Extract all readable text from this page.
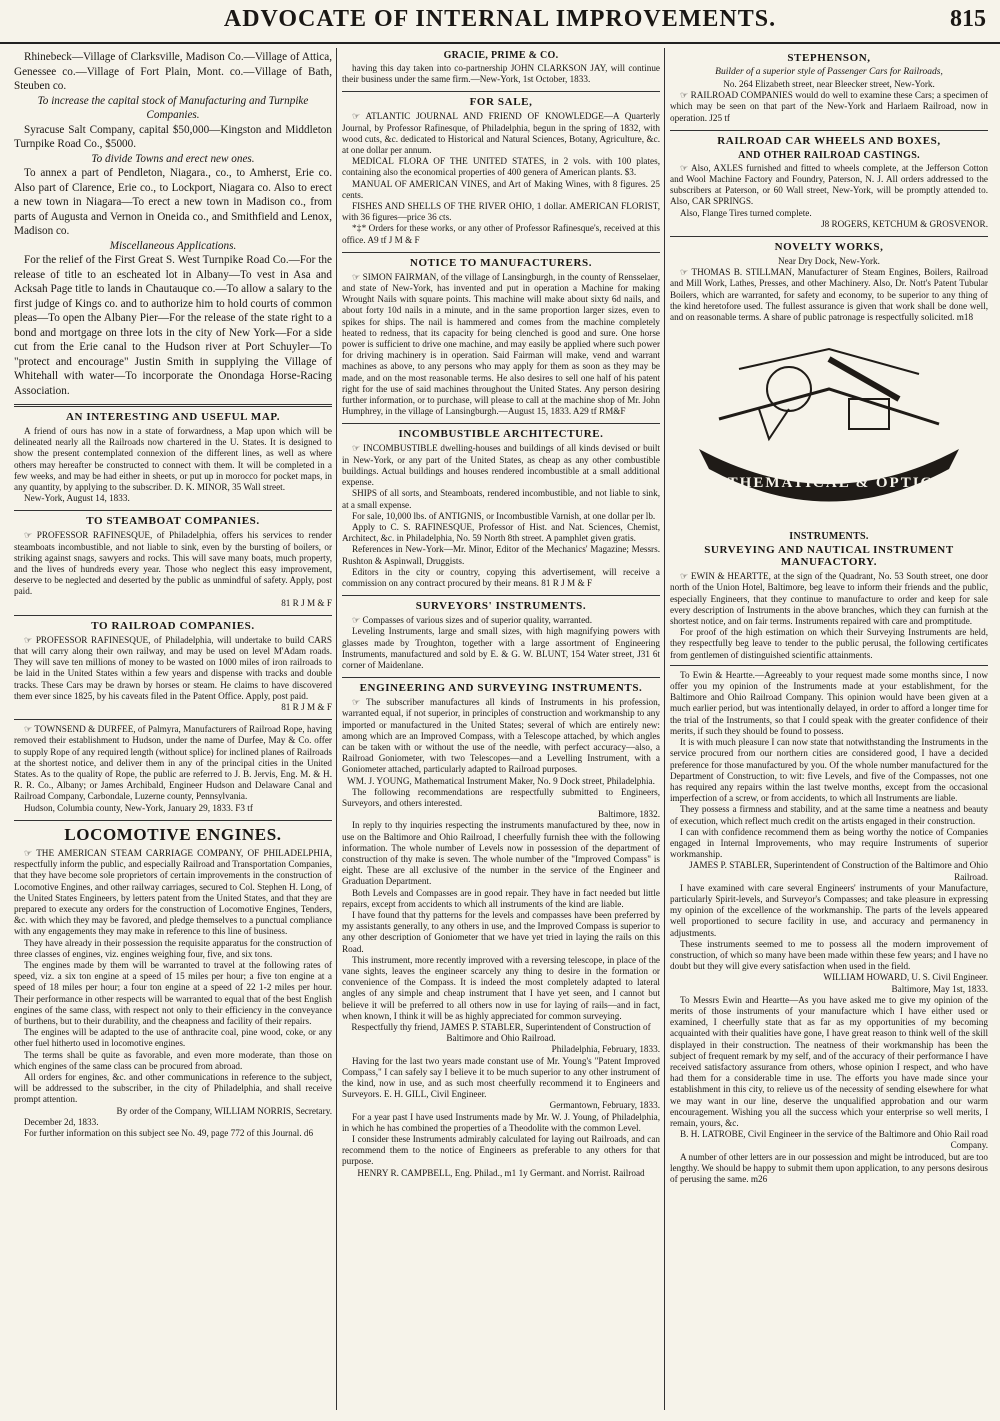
ADVOCATE OF INTERNAL IMPROVEMENTS.	815

Rhinebeck—Village of Clarksville, Madison Co.—Village of Attica, Genessee co.—Village of Fort Plain, Mont. co.—Village of Bath, Steuben co.

To increase the capital stock of Manufacturing and Turnpike Companies.

Syracuse Salt Company, capital $50,000—Kingston and Middleton Turnpike Road Co., $5000.

To divide Towns and erect new ones.

To annex a part of Pendleton, Niagara., co., to Amherst, Erie co. Also part of Clarence, Erie co., to Lockport, Niagara co. Also to erect a new town in Niagara—To erect a new town in Madison co., from parts of Augusta and Vernon in Oneida co., and Smithfield and Lenox, Madison co.

Miscellaneous Applications.

For the relief of the First Great S. West Turnpike Road Co.—For the release of title to an escheated lot in Albany—To vest in Asa and Acksah Page title to lands in Chautauque co.—To allow a salary to the first judge of Kings co. and to authorize him to hold courts of common pleas—To open the Albany Pier—For the release of the state right to a bond and mortgage on three lots in the city of New York—For a side cut from the Erie canal to the Hudson river at Port Schuyler—To "protect and encourage" Justin Smith in supplying the Village of Whitehall with water—To incorporate the Onondaga Horse-Racing Association.

AN INTERESTING AND USEFUL MAP.

A friend of ours has now in a state of forwardness, a Map upon which will be delineated nearly all the Railroads now chartered in the U. States. It is designed to show the present contemplated connexion of the different lines, as well as where others may hereafter be constructed to connect with them. It will be completed in a few weeks, and may be had either in sheets, or put up in morocco for pocket maps, in any quantity, by applying to the subscriber. D. K. MINOR, 35 Wall street.

New-York, August 14, 1833.

TO STEAMBOAT COMPANIES.

☞ PROFESSOR RAFINESQUE, of Philadelphia, offers his services to render steamboats incombustible, and not liable to sink, even by the bursting of boilers, or striking against snags, sawyers and rocks. This will save many boats, much property, and the lives of hundreds every year. Those who neglect this easy improvement, deserve to be neglected and deserted by the public as unmindful of safety. Apply, post paid.

81 R J M & F

TO RAILROAD COMPANIES.

☞ PROFESSOR RAFINESQUE, of Philadelphia, will undertake to build CARS that will carry along their own railway, and may be used on level M'Adam roads. They will save ten millions of money to be wasted on 1000 miles of iron railroads to be laid in the United States within a few years and dispense with tracks and double tracks. These Cars may be drawn by horses or steam. He claims to have discovered them ever since 1825, by his caveats filed in the Patent Office. Apply, post paid.

81 R J M & F

☞ TOWNSEND & DURFEE, of Palmyra, Manufacturers of Railroad Rope, having removed their establishment to Hudson, under the name of Durfee, May & Co. offer to supply Rope of any required length (without splice) for inclined planes of Railroads at the shortest notice, and deliver them in any of the principal cities in the United States. As to the quality of Rope, the public are referred to J. B. Jervis, Eng. M. & H. R. R. Co., Albany; or James Archibald, Engineer Hudson and Delaware Canal and Railroad Company, Carbondale, Luzerne county, Pennsylvania.

Hudson, Columbia county, New-York, January 29, 1833. F3 tf

LOCOMOTIVE ENGINES.

☞ THE AMERICAN STEAM CARRIAGE COMPANY, OF PHILADELPHIA, respectfully inform the public, and especially Railroad and Transportation Companies, that they have become sole proprietors of certain improvements in the construction of Locomotive Engines, and other railway carriages, secured to Col. Stephen H. Long, of the United States Engineers, by letters patent from the United States, and that they are prepared to execute any orders for the construction of Locomotive Engines, Tenders, &c. with which they may be favored, and pledge themselves to a punctual compliance with any engagements they may make in reference to this line of business.

They have already in their possession the requisite apparatus for the construction of three classes of engines, viz. engines weighing four, five, and six tons.

The engines made by them will be warranted to travel at the following rates of speed, viz. a six ton engine at a speed of 15 miles per hour; a five ton engine at a speed of 18 miles per hour; a four ton engine at a speed of 22 1-2 miles per hour. Their performance in other respects will be warranted to equal that of the best English engines of the same class, with respect not only to their efficiency in the conveyance of burthens, but to their durability, and the cheapness and facility of their repairs.

The engines will be adapted to the use of anthracite coal, pine wood, coke, or any other fuel hitherto used in locomotive engines.

The terms shall be quite as favorable, and even more moderate, than those on which engines of the same class can be procured from abroad.

All orders for engines, &c. and other communications in reference to the subject, will be addressed to the subscriber, in the city of Philadelphia, and shall receive prompt attention.

By order of the Company, WILLIAM NORRIS, Secretary.

December 2d, 1833.

For further information on this subject see No. 49, page 772 of this Journal. d6

GRACIE, PRIME & CO.

having this day taken into co-partnership JOHN CLARKSON JAY, will continue their business under the same firm.—New-York, 1st October, 1833.

FOR SALE,

☞ ATLANTIC JOURNAL AND FRIEND OF KNOWLEDGE—A Quarterly Journal, by Professor Rafinesque, of Philadelphia, begun in the spring of 1832, with wood cuts, &c. dedicated to Historical and Natural Sciences, Botany, Agriculture, &c. at one dollar per annum.

MEDICAL FLORA OF THE UNITED STATES, in 2 vols. with 100 plates, containing also the economical properties of 400 genera of American plants. $3.

MANUAL OF AMERICAN VINES, and Art of Making Wines, with 8 figures. 25 cents.

FISHES AND SHELLS OF THE RIVER OHIO, 1 dollar. AMERICAN FLORIST, with 36 figures—price 36 cts.

*‡* Orders for these works, or any other of Professor Rafinesque's, received at this office. A9 tf J M & F

NOTICE TO MANUFACTURERS.

☞ SIMON FAIRMAN, of the village of Lansingburgh, in the county of Rensselaer, and state of New-York, has invented and put in operation a Machine for making Wrought Nails with square points. This machine will make about sixty 6d nails, and about forty 10d nails in a minute, and in the same proportion larger sizes, even to spikes for ships. The nail is hammered and comes from the machine completely heated to redness, that its capacity for being clenched is good and sure. One horse power is sufficient to drive one machine, and may easily be applied where such power for driving machinery is in operation. Said Fairman will make, vend and warrant machines as above, to any persons who may apply for them as soon as they may be made, and on the most reasonable terms. He also desires to sell one half of his patent right for the use of said machines throughout the United States. Any person desiring further information, or to purchase, will please to call at the machine shop of Mr. John Humphrey, in the village of Lansingburgh.—August 15, 1833. A29 tf RM&F

INCOMBUSTIBLE ARCHITECTURE.

☞ INCOMBUSTIBLE dwelling-houses and buildings of all kinds devised or built in New-York, or any part of the United States, as cheap as any other combustible buildings. Actual buildings and houses rendered incombustible at a small additional expense.

SHIPS of all sorts, and Steamboats, rendered incombustible, and not liable to sink, at a small expense.

For sale, 10,000 lbs. of ANTIGNIS, or Incombustible Varnish, at one dollar per lb.

Apply to C. S. RAFINESQUE, Professor of Hist. and Nat. Sciences, Chemist, Architect, &c. in Philadelphia, No. 59 North 8th street. A pamphlet given gratis.

References in New-York—Mr. Minor, Editor of the Mechanics' Magazine; Messrs. Rushton & Aspinwall, Druggists.

Editors in the city or country, copying this advertisement, will receive a commission on any contract procured by their means. 81 R J M & F

SURVEYORS' INSTRUMENTS.

☞ Compasses of various sizes and of superior quality, warranted.

Leveling Instruments, large and small sizes, with high magnifying powers with glasses made by Troughton, together with a large assortment of Engineering Instruments, manufactured and sold by E. & G. W. BLUNT, 154 Water street, J31 6t corner of Maidenlane.

ENGINEERING AND SURVEYING INSTRUMENTS.

☞ The subscriber manufactures all kinds of Instruments in his profession, warranted equal, if not superior, in principles of construction and workmanship to any imported or manufactured in the United States; several of which are entirely new: among which are an Improved Compass, with a Telescope attached, by which angles can be taken with or without the use of the needle, with perfect accuracy—also, a Railroad Goniometer, with two Telescopes—and a Levelling Instrument, with a Goniometer attached, particularly adapted to Railroad purposes.

WM. J. YOUNG, Mathematical Instrument Maker, No. 9 Dock street, Philadelphia.

The following recommendations are respectfully submitted to Engineers, Surveyors, and others interested.

Baltimore, 1832.

In reply to thy inquiries respecting the instruments manufactured by thee, now in use on the Baltimore and Ohio Railroad, I cheerfully furnish thee with the following information. The whole number of Levels now in possession of the department of construction of thy make is seven. The whole number of the "Improved Compass" is eight. These are all exclusive of the number in the service of the Engineer and Graduation Department.

Both Levels and Compasses are in good repair. They have in fact needed but little repairs, except from accidents to which all instruments of the kind are liable.

I have found that thy patterns for the levels and compasses have been preferred by my assistants generally, to any others in use, and the Improved Compass is superior to any other description of Goniometer that we have yet tried in laying the rails on this Road.

This instrument, more recently improved with a reversing telescope, in place of the vane sights, leaves the engineer scarcely any thing to desire in the formation or convenience of the Compass. It is indeed the most completely adapted to lateral angles of any simple and cheap instrument that I have yet seen, and I cannot but believe it will be preferred to all others now in use for laying of rails—and in fact, when known, I think it will be as highly appreciated for common surveying.

Respectfully thy friend, JAMES P. STABLER, Superintendent of Construction of Baltimore and Ohio Railroad.

Philadelphia, February, 1833.

Having for the last two years made constant use of Mr. Young's "Patent Improved Compass," I can safely say I believe it to be much superior to any other instrument of the kind, now in use, and as such most cheerfully recommend it to Engineers and Surveyors. E. H. GILL, Civil Engineer.

Germantown, February, 1833.

For a year past I have used Instruments made by Mr. W. J. Young, of Philadelphia, in which he has combined the properties of a Theodolite with the common Level.

I consider these Instruments admirably calculated for laying out Railroads, and can recommend them to the notice of Engineers as preferable to any others for that purpose.

HENRY R. CAMPBELL, Eng. Philad., m1 1y Germant. and Norrist. Railroad

STEPHENSON,

Builder of a superior style of Passenger Cars for Railroads,

No. 264 Elizabeth street, near Bleecker street, New-York.

☞ RAILROAD COMPANIES would do well to examine these Cars; a specimen of which may be seen on that part of the New-York and Harlaem Railroad, now in operation. J25 tf

RAILROAD CAR WHEELS AND BOXES,
AND OTHER RAILROAD CASTINGS.

☞ Also, AXLES furnished and fitted to wheels complete, at the Jefferson Cotton and Wool Machine Factory and Foundry, Paterson, N. J. All orders addressed to the subscribers at Paterson, or 60 Wall street, New-York, will be promptly attended to. Also, CAR SPRINGS.

Also, Flange Tires turned complete.

J8 ROGERS, KETCHUM & GROSVENOR.

NOVELTY WORKS,

Near Dry Dock, New-York.

☞ THOMAS B. STILLMAN, Manufacturer of Steam Engines, Boilers, Railroad and Mill Work, Lathes, Presses, and other Machinery. Also, Dr. Nott's Patent Tubular Boilers, which are warranted, for safety and economy, to be superior to any thing of the kind heretofore used. The fullest assurance is given that work shall be done well, and on reasonable terms. A share of public patronage is respectfully solicited. m18

MATHEMATICAL & OPTICAL
INSTRUMENTS.
SURVEYING AND NAUTICAL INSTRUMENT MANUFACTORY.

☞ EWIN & HEARTTE, at the sign of the Quadrant, No. 53 South street, one door north of the Union Hotel, Baltimore, beg leave to inform their friends and the public, especially Engineers, that they continue to manufacture to order and keep for sale every description of Instruments in the above branches, which they can furnish at the shortest notice, and on fair terms. Instruments repaired with care and promptitude.

For proof of the high estimation on which their Surveying Instruments are held, they respectfully beg leave to tender to the public perusal, the following certificates from gentlemen of distinguished scientific attainments.

To Ewin & Heartte.—Agreeably to your request made some months since, I now offer you my opinion of the Instruments made at your establishment, for the Baltimore and Ohio Railroad Company. This opinion would have been given at a much earlier period, but was intentionally delayed, in order to afford a longer time for the trial of the Instruments, so that I could speak with the greater confidence of their merits, if such they should be found to possess.

It is with much pleasure I can now state that notwithstanding the Instruments in the service procured from our northern cities are considered good, I have a decided preference for those manufactured by you. Of the whole number manufactured for the Department of Construction, to wit: five Levels, and five of the Compasses, not one has required any repairs within the last twelve months, except from the occasional imperfection of a screw, or from accidents, to which all Instruments are liable.

They possess a firmness and stability, and at the same time a neatness and beauty of execution, which reflect much credit on the artists engaged in their construction.

I can with confidence recommend them as being worthy the notice of Companies engaged in Internal Improvements, who may require Instruments of superior workmanship.

JAMES P. STABLER, Superintendent of Construction of the Baltimore and Ohio Railroad.

I have examined with care several Engineers' instruments of your Manufacture, particularly Spirit-levels, and Surveyor's Compasses; and take pleasure in expressing my opinion of the excellence of the workmanship. The parts of the levels appeared well proportioned to secure facility in use, and accuracy and permanency in adjustments.

These instruments seemed to me to possess all the modern improvement of construction, of which so many have been made within these few years; and I have no doubt but they will give every satisfaction when used in the field.

WILLIAM HOWARD, U. S. Civil Engineer.

Baltimore, May 1st, 1833.

To Messrs Ewin and Heartte—As you have asked me to give my opinion of the merits of those instruments of your manufacture which I have either used or examined, I cheerfully state that as far as my opportunities of my becoming acquainted with their qualities have gone, I have great reason to think well of the skill displayed in their construction. The neatness of their workmanship has been the subject of frequent remark by my self, and of the accuracy of their performance I have received satisfactory assurance from others, whose opinion I respect, and who have had them for a considerable time in use. The efforts you have made since your establishment in this city, to relieve us of the necessity of sending elsewhere for what we may want in our line, deserve the unqualified approbation and our warm encouragement. Wishing you all the success which your enterprise so well merits, I remain, yours, &c.

B. H. LATROBE, Civil Engineer in the service of the Baltimore and Ohio Rail road Company.

A number of other letters are in our possession and might be introduced, but are too lengthy. We should be happy to submit them upon application, to any persons desirous of perusing the same. m26
